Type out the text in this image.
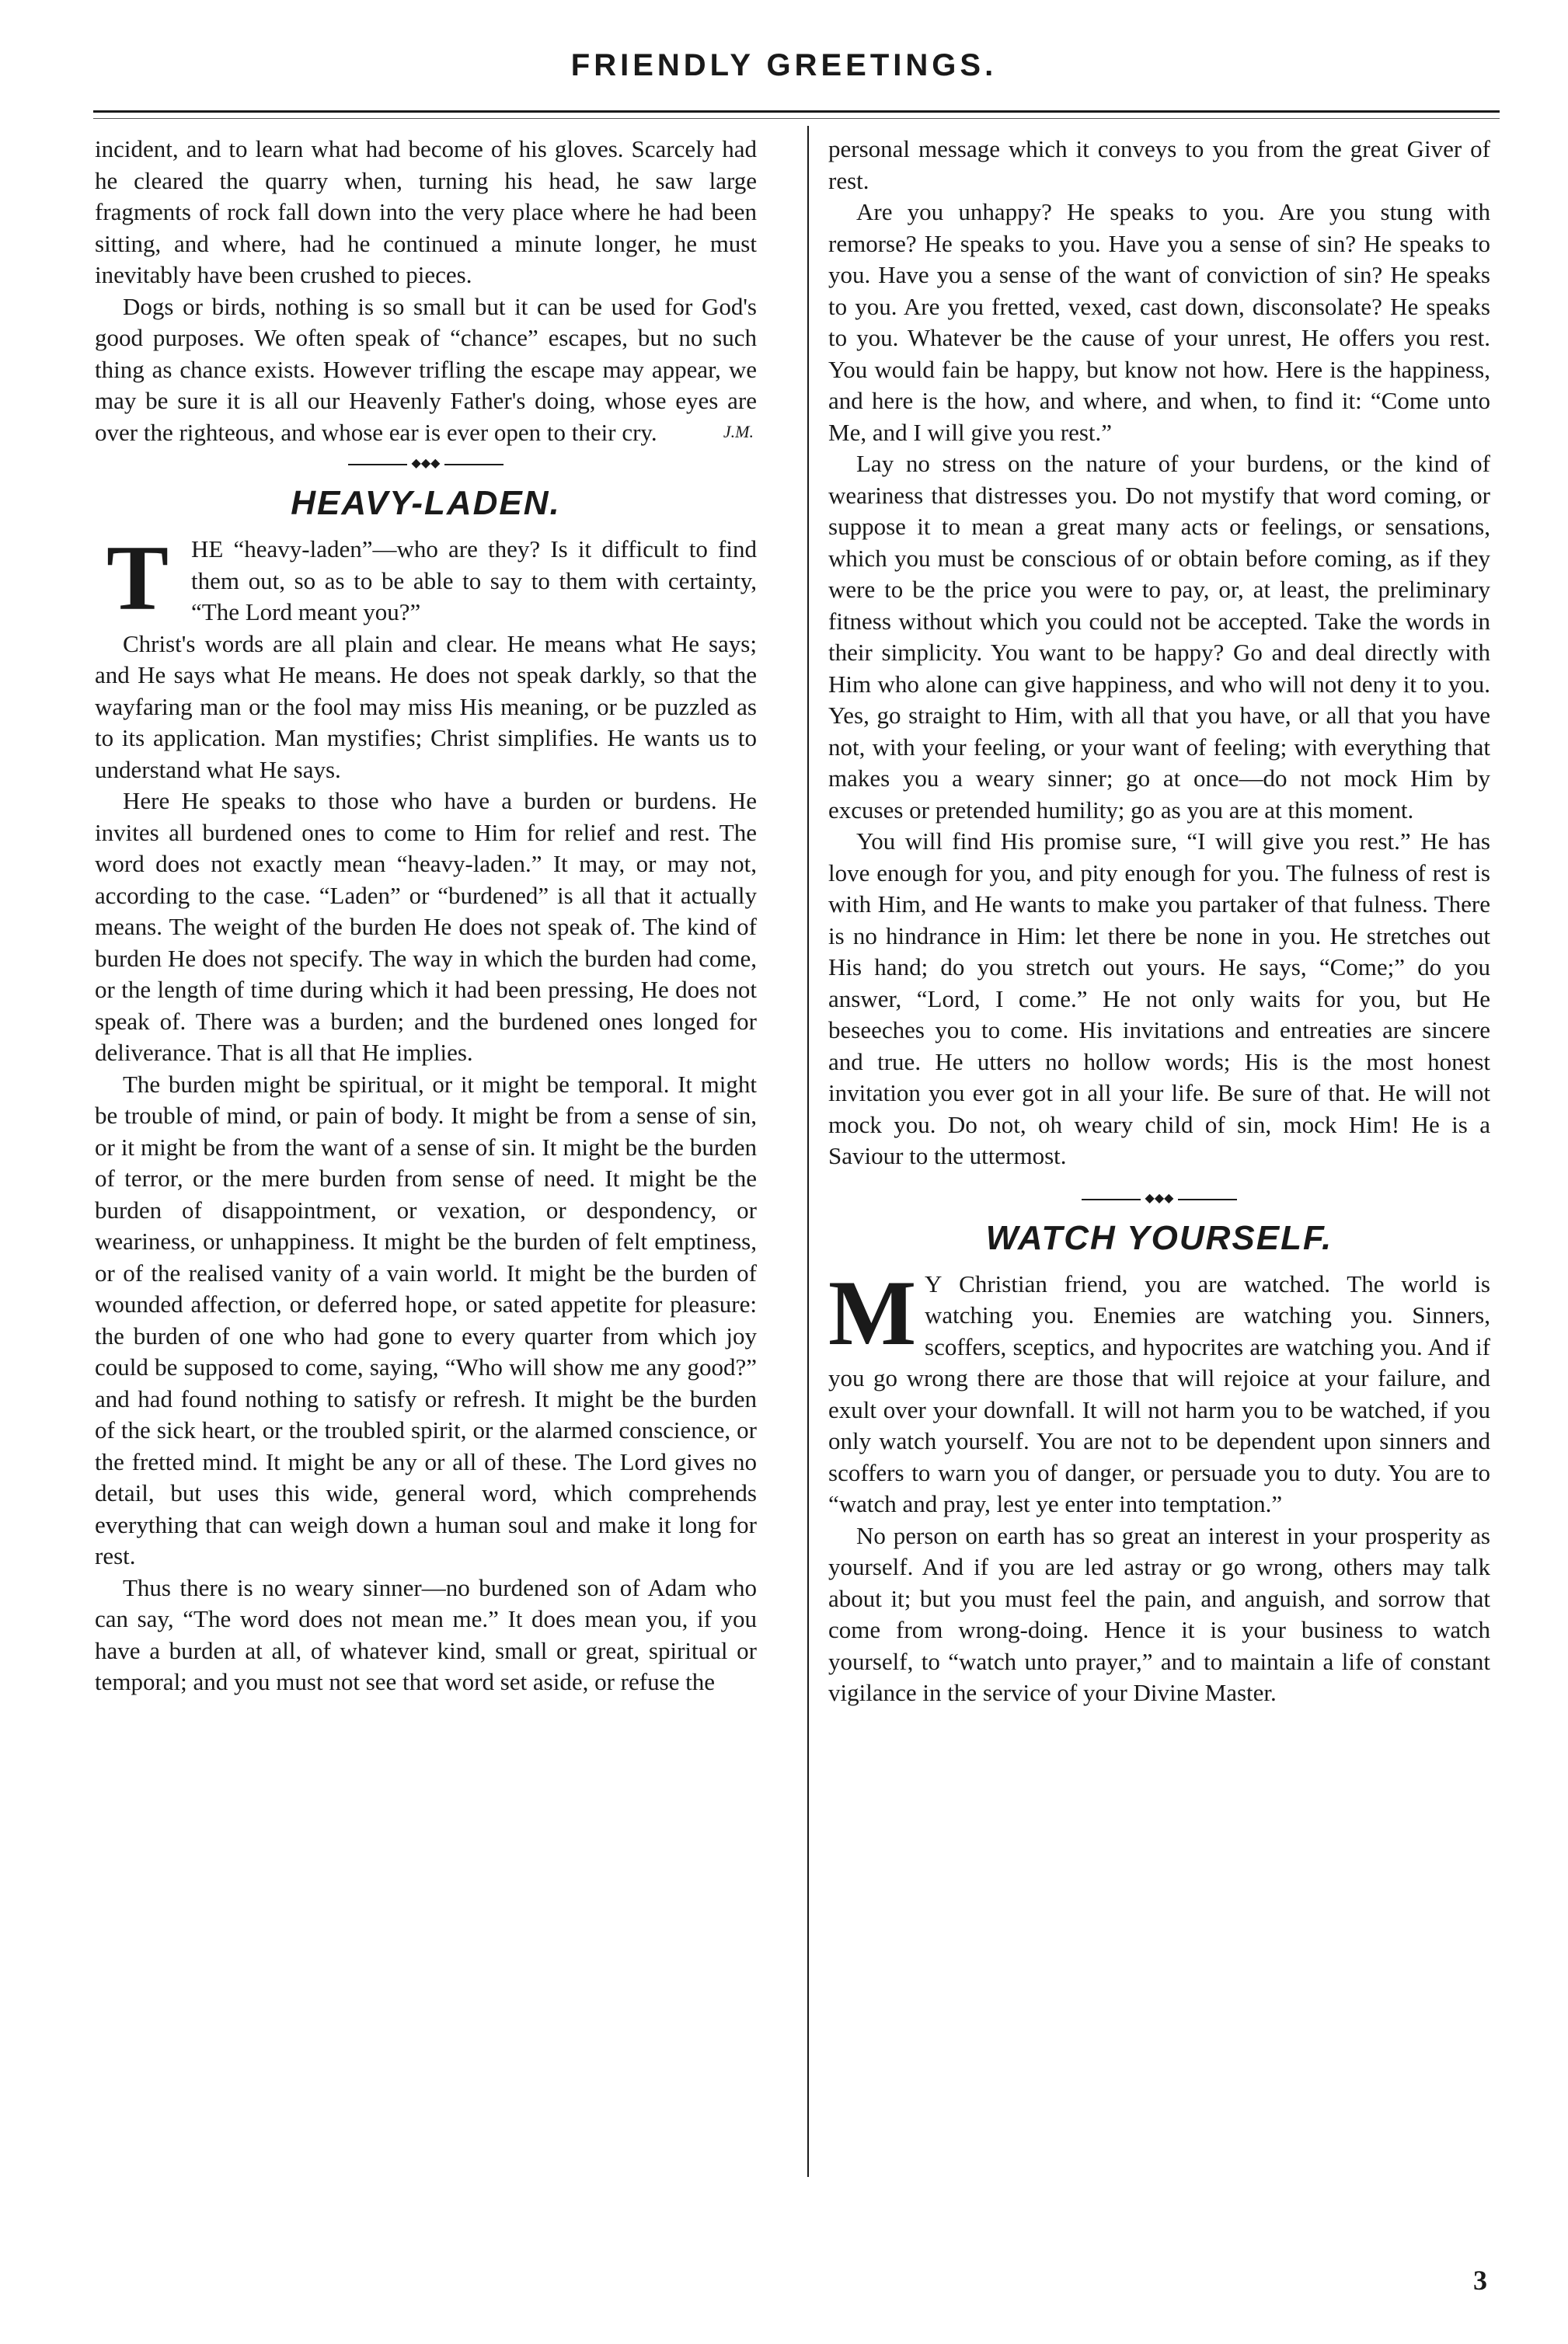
FRIENDLY GREETINGS.

incident, and to learn what had become of his gloves. Scarcely had he cleared the quarry when, turning his head, he saw large fragments of rock fall down into the very place where he had been sitting, and where, had he continued a minute longer, he must inevitably have been crushed to pieces.

Dogs or birds, nothing is so small but it can be used for God's good purposes. We often speak of “chance” escapes, but no such thing as chance exists. However trifling the escape may appear, we may be sure it is all our Heavenly Father's doing, whose eyes are over the righteous, and whose ear is ever open to their cry.	J.M.
◆◆◆
HEAVY-LADEN.

THE “heavy-laden”—who are they? Is it difficult to find them out, so as to be able to say to them with certainty, “The Lord meant you?”

Christ's words are all plain and clear. He means what He says; and He says what He means. He does not speak darkly, so that the wayfaring man or the fool may miss His meaning, or be puzzled as to its application. Man mystifies; Christ simplifies. He wants us to understand what He says.

Here He speaks to those who have a burden or burdens. He invites all burdened ones to come to Him for relief and rest. The word does not exactly mean “heavy-laden.” It may, or may not, according to the case. “Laden” or “burdened” is all that it actually means. The weight of the burden He does not speak of. The kind of burden He does not specify. The way in which the burden had come, or the length of time during which it had been pressing, He does not speak of. There was a burden; and the burdened ones longed for deliverance. That is all that He implies.

The burden might be spiritual, or it might be temporal. It might be trouble of mind, or pain of body. It might be from a sense of sin, or it might be from the want of a sense of sin. It might be the burden of terror, or the mere burden from sense of need. It might be the burden of disappointment, or vexation, or despondency, or weariness, or unhappiness. It might be the burden of felt emptiness, or of the realised vanity of a vain world. It might be the burden of wounded affection, or deferred hope, or sated appetite for pleasure: the burden of one who had gone to every quarter from which joy could be supposed to come, saying, “Who will show me any good?” and had found nothing to satisfy or refresh. It might be the burden of the sick heart, or the troubled spirit, or the alarmed conscience, or the fretted mind. It might be any or all of these. The Lord gives no detail, but uses this wide, general word, which comprehends everything that can weigh down a human soul and make it long for rest.

Thus there is no weary sinner—no burdened son of Adam who can say, “The word does not mean me.” It does mean you, if you have a burden at all, of whatever kind, small or great, spiritual or temporal; and you must not see that word set aside, or refuse the

personal message which it conveys to you from the great Giver of rest.

Are you unhappy? He speaks to you. Are you stung with remorse? He speaks to you. Have you a sense of sin? He speaks to you. Have you a sense of the want of conviction of sin? He speaks to you. Are you fretted, vexed, cast down, disconsolate? He speaks to you. Whatever be the cause of your unrest, He offers you rest. You would fain be happy, but know not how. Here is the happiness, and here is the how, and where, and when, to find it: “Come unto Me, and I will give you rest.”

Lay no stress on the nature of your burdens, or the kind of weariness that distresses you. Do not mystify that word coming, or suppose it to mean a great many acts or feelings, or sensations, which you must be conscious of or obtain before coming, as if they were to be the price you were to pay, or, at least, the preliminary fitness without which you could not be accepted. Take the words in their simplicity. You want to be happy? Go and deal directly with Him who alone can give happiness, and who will not deny it to you. Yes, go straight to Him, with all that you have, or all that you have not, with your feeling, or your want of feeling; with everything that makes you a weary sinner; go at once—do not mock Him by excuses or pretended humility; go as you are at this moment.

You will find His promise sure, “I will give you rest.” He has love enough for you, and pity enough for you. The fulness of rest is with Him, and He wants to make you partaker of that fulness. There is no hindrance in Him: let there be none in you. He stretches out His hand; do you stretch out yours. He says, “Come;” do you answer, “Lord, I come.” He not only waits for you, but He beseeches you to come. His invitations and entreaties are sincere and true. He utters no hollow words; His is the most honest invitation you ever got in all your life. Be sure of that. He will not mock you. Do not, oh weary child of sin, mock Him! He is a Saviour to the uttermost.

◆◆◆
WATCH YOURSELF.

M Y Christian friend, you are watched. The world is watching you. Enemies are watching you. Sinners, scoffers, sceptics, and hypocrites are watching you. And if you go wrong there are those that will rejoice at your failure, and exult over your downfall. It will not harm you to be watched, if you only watch yourself. You are not to be dependent upon sinners and scoffers to warn you of danger, or persuade you to duty. You are to “watch and pray, lest ye enter into temptation.”

No person on earth has so great an interest in your prosperity as yourself. And if you are led astray or go wrong, others may talk about it; but you must feel the pain, and anguish, and sorrow that come from wrong-doing. Hence it is your business to watch yourself, to “watch unto prayer,” and to maintain a life of constant vigilance in the service of your Divine Master.

3
